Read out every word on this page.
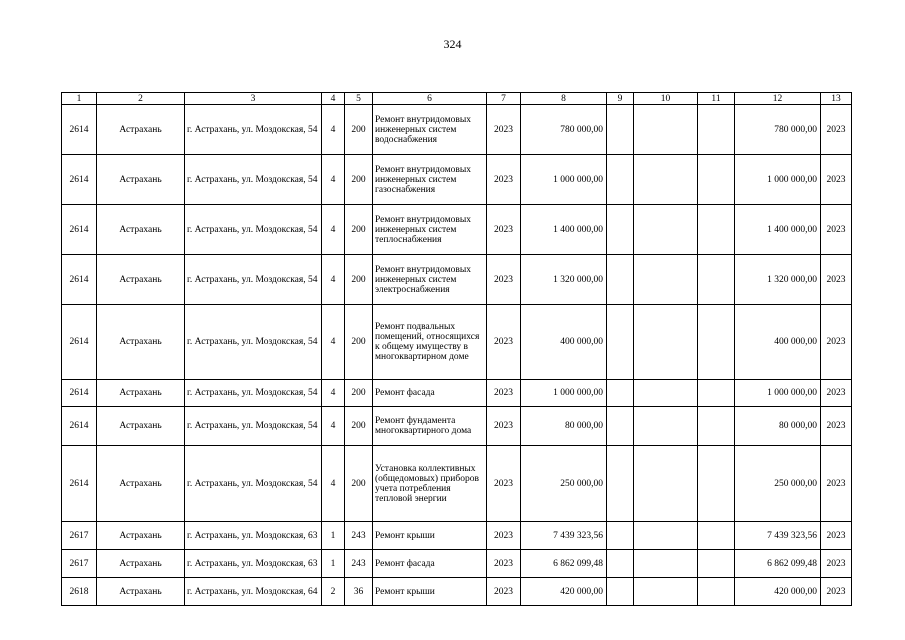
324
1	2	3	4	5	6	7	8	9	10	11	12	13
2614	Астрахань	г. Астрахань, ул. Моздокская, 54	4	200	Ремонт внутридомовых инженерных систем водоснабжения	2023	780 000,00				780 000,00	2023
2614	Астрахань	г. Астрахань, ул. Моздокская, 54	4	200	Ремонт внутридомовых инженерных систем газоснабжения	2023	1 000 000,00				1 000 000,00	2023
2614	Астрахань	г. Астрахань, ул. Моздокская, 54	4	200	Ремонт внутридомовых инженерных систем теплоснабжения	2023	1 400 000,00				1 400 000,00	2023
2614	Астрахань	г. Астрахань, ул. Моздокская, 54	4	200	Ремонт внутридомовых инженерных систем электроснабжения	2023	1 320 000,00				1 320 000,00	2023
2614	Астрахань	г. Астрахань, ул. Моздокская, 54	4	200	Ремонт подвальных помещений, относящихся к общему имуществу в многоквартирном доме	2023	400 000,00				400 000,00	2023
2614	Астрахань	г. Астрахань, ул. Моздокская, 54	4	200	Ремонт фасада	2023	1 000 000,00				1 000 000,00	2023
2614	Астрахань	г. Астрахань, ул. Моздокская, 54	4	200	Ремонт фундамента многоквартирного дома	2023	80 000,00				80 000,00	2023
2614	Астрахань	г. Астрахань, ул. Моздокская, 54	4	200	Установка коллективных (общедомовых) приборов учета потребления тепловой энергии	2023	250 000,00				250 000,00	2023
2617	Астрахань	г. Астрахань, ул. Моздокская, 63	1	243	Ремонт крыши	2023	7 439 323,56				7 439 323,56	2023
2617	Астрахань	г. Астрахань, ул. Моздокская, 63	1	243	Ремонт фасада	2023	6 862 099,48				6 862 099,48	2023
2618	Астрахань	г. Астрахань, ул. Моздокская, 64	2	36	Ремонт крыши	2023	420 000,00				420 000,00	2023
